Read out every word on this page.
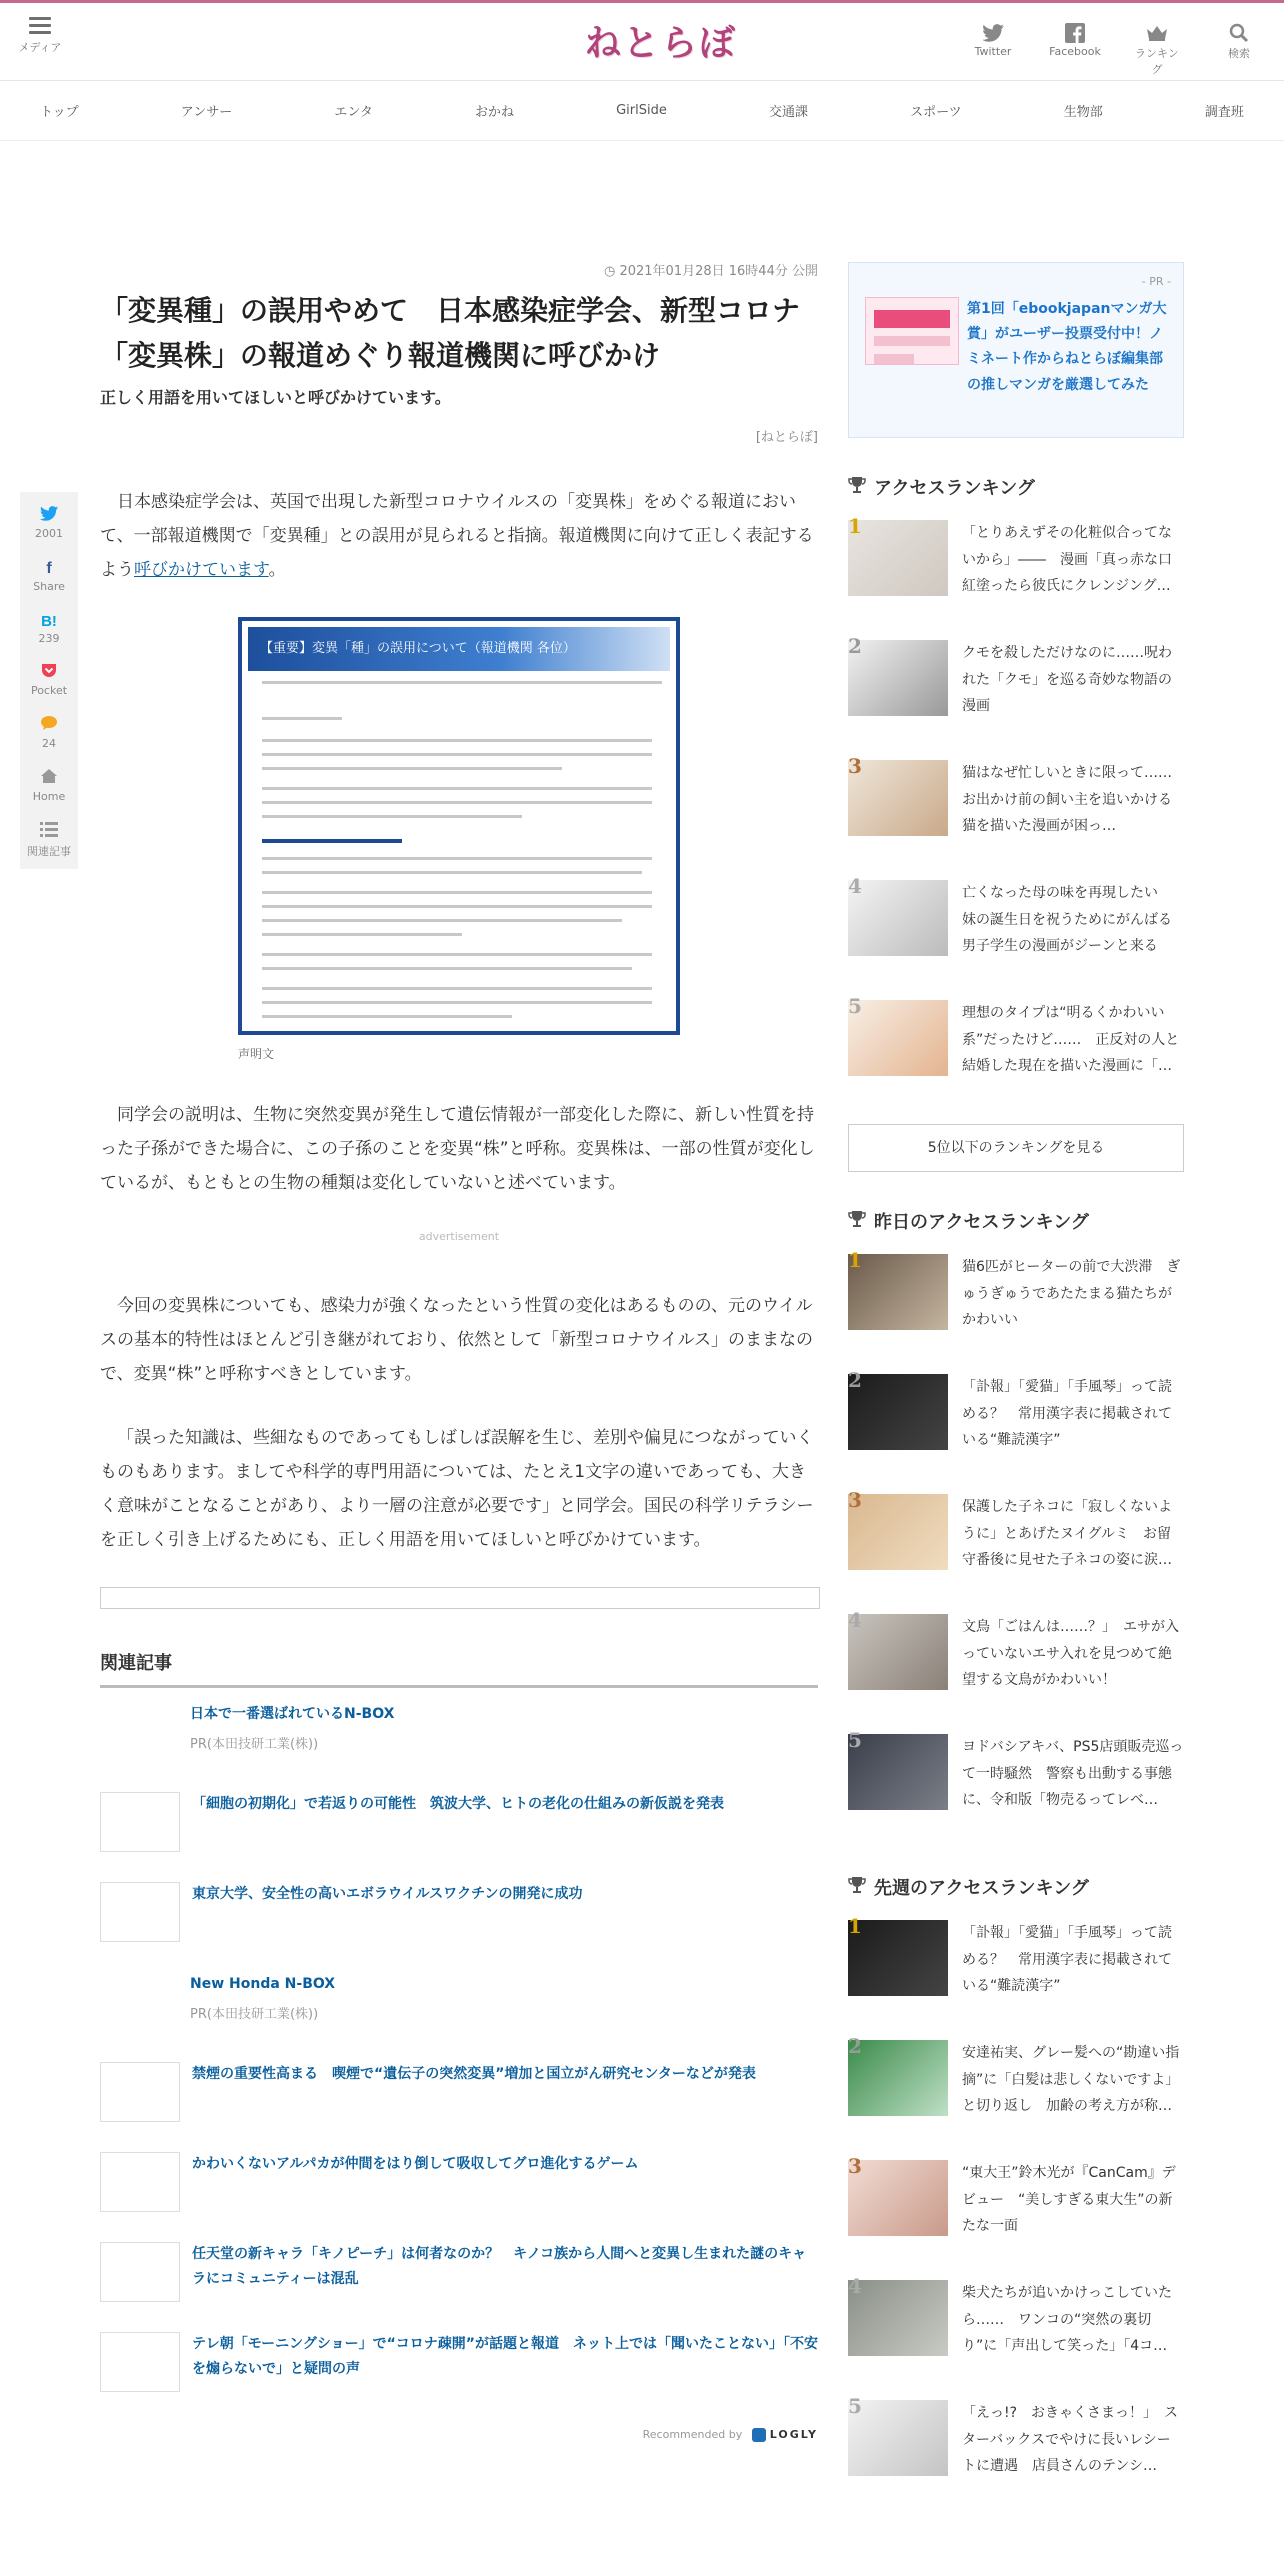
メディア	ねとらぼ	Twitter	Facebook	ランキング
検索
トップ	アンサー	エンタ	おかね	GirlSide	交通課	スポーツ	生物部	調査班
2001
f
Share
B!
239
Pocket
24
Home
関連記事
◷ 2021年01月28日 16時44分 公開
「変異種」の誤用やめて　日本感染症学会、新型コロナ「変異株」の報道めぐり報道機関に呼びかけ
正しく用語を用いてほしいと呼びかけています。
[ねとらぼ]

日本感染症学会は、英国で出現した新型コロナウイルスの「変異株」をめぐる報道において、一部報道機関で「変異種」との誤用が見られると指摘。報道機関に向けて正しく表記するよう呼びかけています。

【重要】変異「種」の誤用について（報道機関 各位）
声明文

同学会の説明は、生物に突然変異が発生して遺伝情報が一部変化した際に、新しい性質を持った子孫ができた場合に、この子孫のことを変異“株”と呼称。変異株は、一部の性質が変化しているが、もともとの生物の種類は変化していないと述べています。

advertisement

今回の変異株についても、感染力が強くなったという性質の変化はあるものの、元のウイルスの基本的特性はほとんど引き継がれており、依然として「新型コロナウイルス」のままなので、変異“株”と呼称すべきとしています。

「誤った知識は、些細なものであってもしばしば誤解を生じ、差別や偏見につながっていくものもあります。ましてや科学的専門用語については、たとえ1文字の違いであっても、大きく意味がことなることがあり、より一層の注意が必要です」と同学会。国民の科学リテラシーを正しく引き上げるためにも、正しく用語を用いてほしいと呼びかけています。

関連記事
日本で一番選ばれているN-BOX
PR(本田技研工業(株))
「細胞の初期化」で若返りの可能性　筑波大学、ヒトの老化の仕組みの新仮説を発表
東京大学、安全性の高いエボラウイルスワクチンの開発に成功
New Honda N-BOX
PR(本田技研工業(株))
禁煙の重要性高まる　喫煙で“遺伝子の突然変異”増加と国立がん研究センターなどが発表
かわいくないアルパカが仲間をはり倒して吸収してグロ進化するゲーム
任天堂の新キャラ「キノピーチ」は何者なのか？　キノコ族から人間へと変異し生まれた謎のキャラにコミュニティーは混乱
テレ朝「モーニングショー」で“コロナ疎開”が話題と報道　ネット上では「聞いたことない」「不安を煽らないで」と疑問の声
Recommended by	LOGLY
- PR -
第1回「ebookjapanマンガ大賞」がユーザー投票受付中！ノミネート作からねとらぼ編集部の推しマンガを厳選してみた
アクセスランキング
1	「とりあえずその化粧似合ってないから」――　漫画「真っ赤な口紅塗ったら彼氏にクレンジング…
2	クモを殺しただけなのに……呪われた「クモ」を巡る奇妙な物語の漫画
3	猫はなぜ忙しいときに限って……　お出かけ前の飼い主を追いかける猫を描いた漫画が困っ…
4	亡くなった母の味を再現したい　妹の誕生日を祝うためにがんばる男子学生の漫画がジーンと来る
5	理想のタイプは“明るくかわいい系”だったけど……　正反対の人と結婚した現在を描いた漫画に「…
5位以下のランキングを見る
昨日のアクセスランキング
1	猫6匹がヒーターの前で大渋滞　ぎゅうぎゅうであたたまる猫たちがかわいい
2	「訃報」「愛猫」「手風琴」って読める？　常用漢字表に掲載されている“難読漢字”
3	保護した子ネコに「寂しくないように」とあげたヌイグルミ　お留守番後に見せた子ネコの姿に涙…
4	文鳥「ごはんは……？」　エサが入っていないエサ入れを見つめて絶望する文鳥がかわいい！
5	ヨドバシアキバ、PS5店頭販売巡って一時騒然　警察も出動する事態に、令和版「物売るってレベ…
先週のアクセスランキング
1	「訃報」「愛猫」「手風琴」って読める？　常用漢字表に掲載されている“難読漢字”
2	安達祐実、グレー髪への“勘違い指摘”に「白髪は悲しくないですよ」と切り返し　加齢の考え方が称…
3	“東大王”鈴木光が『CanCam』デビュー　“美しすぎる東大生”の新たな一面
4	柴犬たちが追いかけっこしていたら……　ワンコの“突然の裏切り”に「声出して笑った」「4コ…
5	「えっ!?　おきゃくさまっ！」　スターバックスでやけに長いレシートに遭遇　店員さんのテンシ…
